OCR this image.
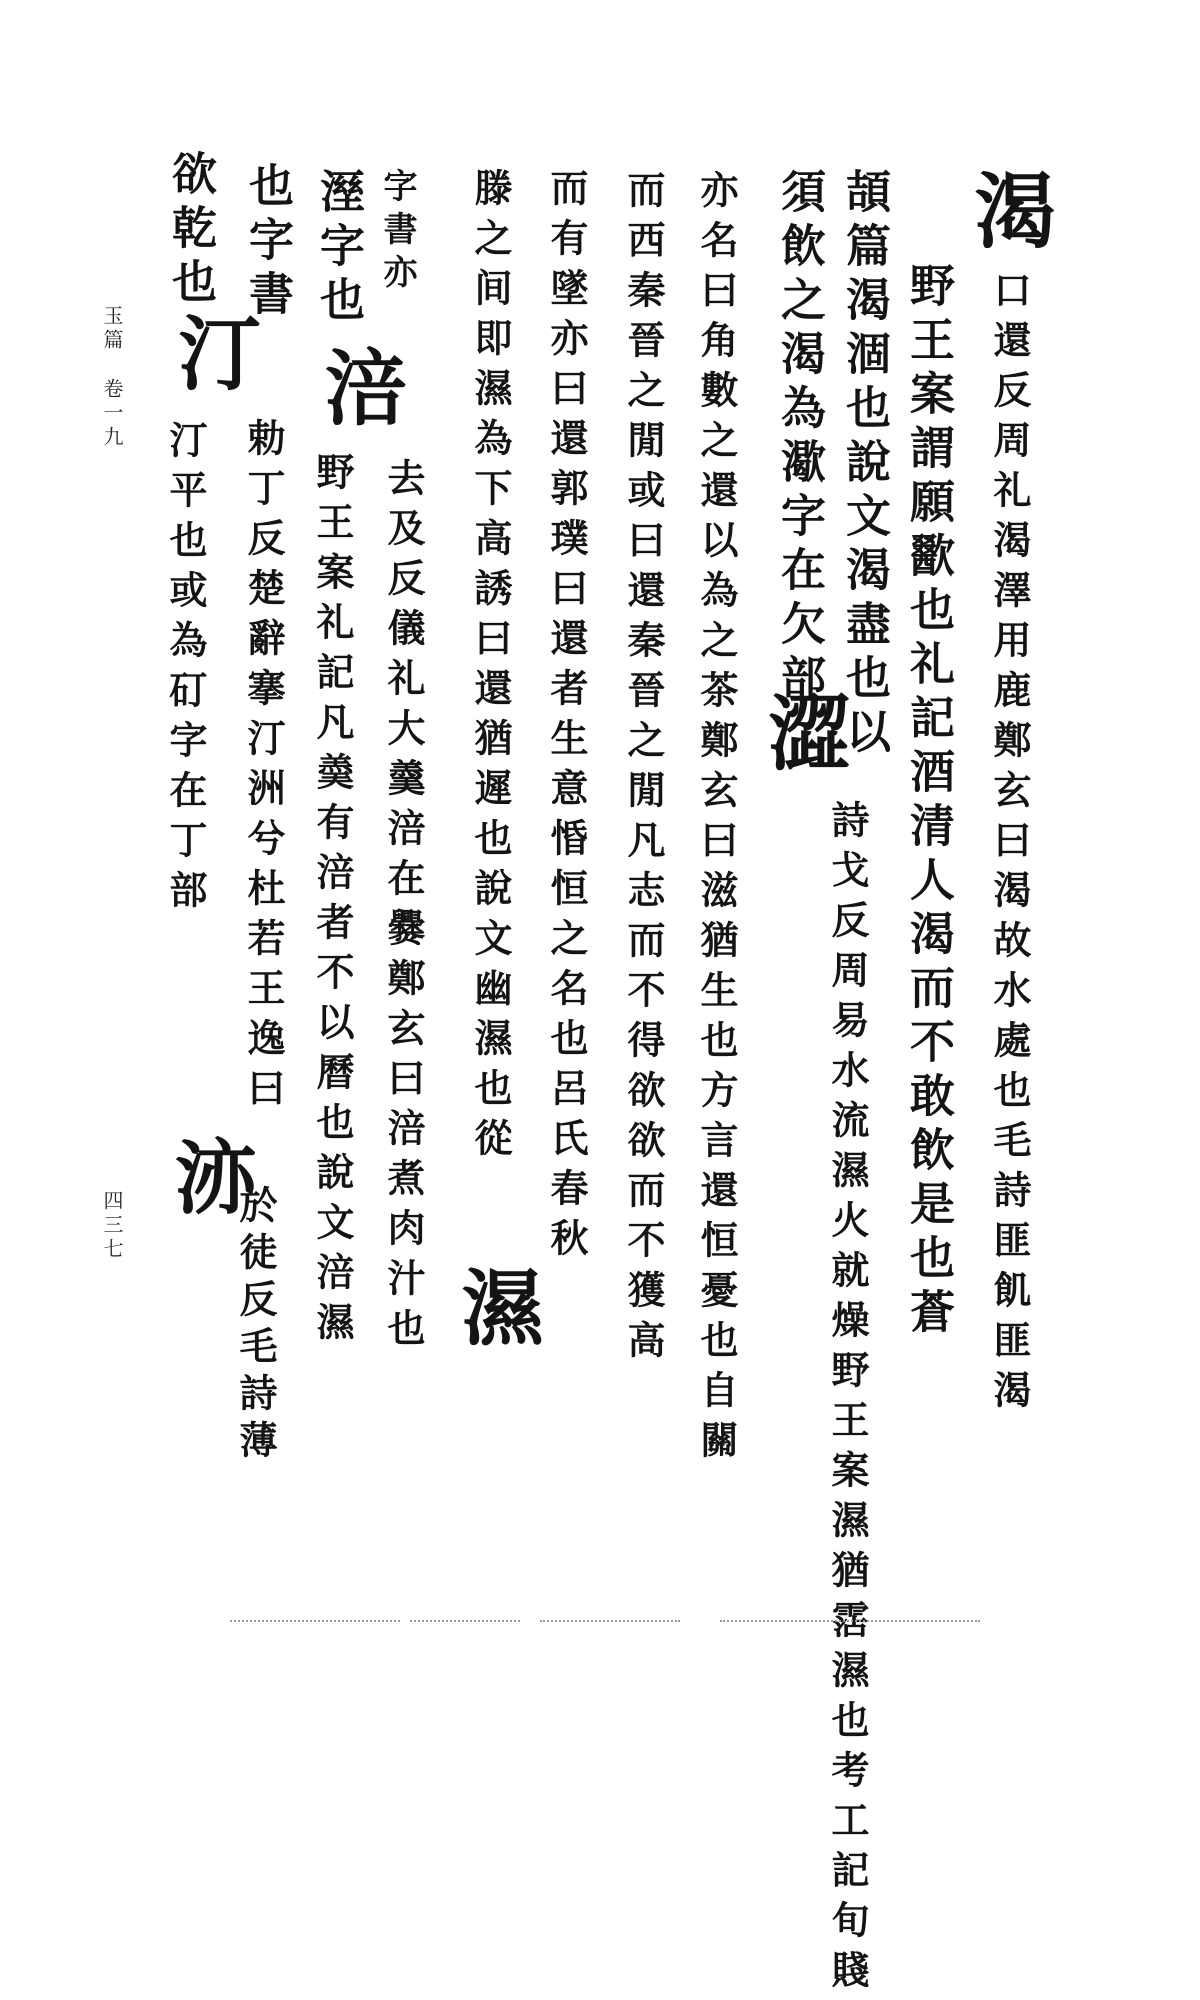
渴
口還反周礼渴澤用鹿鄭玄曰渴故水處也毛詩匪飢匪渴
野王案謂願歠也礼記酒清人渴而不敢飲是也蒼
頡篇渴涸也說文渴盡也以
須飲之渴為㵣字在欠部
澀
詩戈反周易水流濕火就燥野王案濕猶霑濕也考工記旬賤
亦名曰角數之還以為之茶鄭玄曰滋猶生也方言還恒憂也自關
而西秦晉之閒或曰還秦晉之閒凡志而不得欲欲而不獲高
而有墜亦曰還郭璞曰還者生意惛恒之名也呂氏春秋
滕之间即濕為下高誘曰還猶遲也說文幽濕也從
濕
字書亦
溼字也
涪
去及反儀礼大羹涪在爨鄭玄曰涪煮肉汁也
野王案礼記凡羮有涪者不以曆也說文涪濕
也字書
勅丁反楚辭搴汀洲兮杜若王逸曰
欲乾也
汀
汀平也或為矴字在丁部
洂
於徒反毛詩薄
玉篇
卷一九
四三七
